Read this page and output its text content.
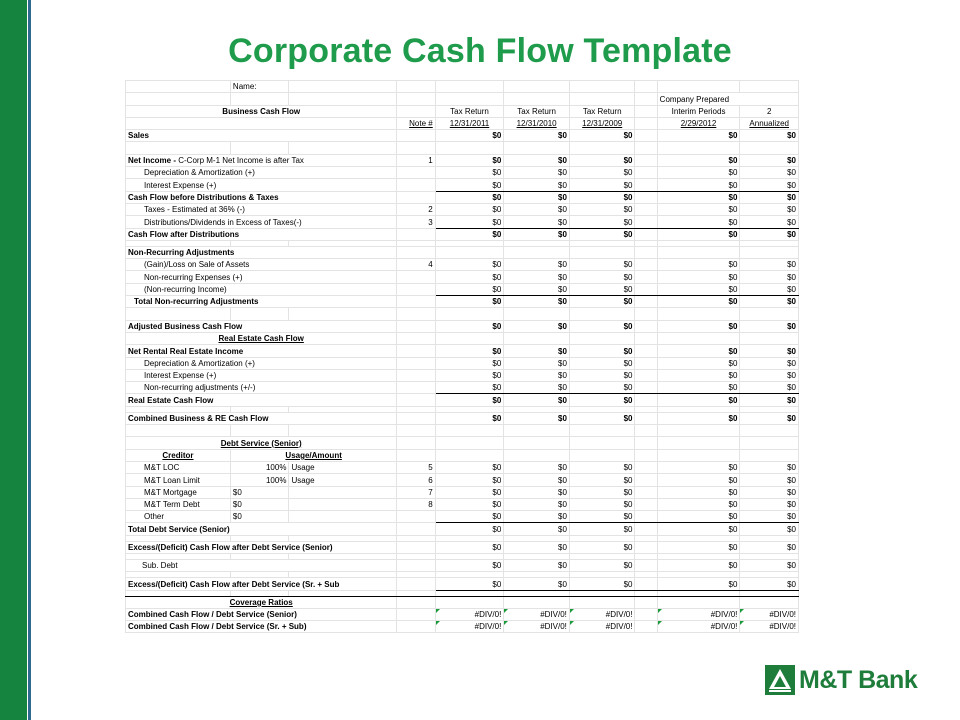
Corporate Cash Flow Template
	Name:								
								Company Prepared	
Business Cash Flow				Tax Return	Tax Return	Tax Return		Interim Periods	2
			Note #	12/31/2011	12/31/2010	12/31/2009		2/29/2012	Annualized
Sales				$0	$0	$0		$0	$0

Net Income - C-Corp M-1 Net Income is after Tax			1	$0	$0	$0		$0	$0
Depreciation & Amortization (+)				$0	$0	$0		$0	$0
Interest Expense (+)				$0	$0	$0		$0	$0
Cash Flow before Distributions & Taxes				$0	$0	$0		$0	$0
Taxes - Estimated at 36% (-)			2	$0	$0	$0		$0	$0
Distributions/Dividends in Excess of Taxes(-)			3	$0	$0	$0		$0	$0
Cash Flow after Distributions				$0	$0	$0		$0	$0

Non-Recurring Adjustments									
(Gain)/Loss on Sale of Assets			4	$0	$0	$0		$0	$0
Non-recurring Expenses (+)				$0	$0	$0		$0	$0
(Non-recurring Income)				$0	$0	$0		$0	$0
Total Non-recurring Adjustments				$0	$0	$0		$0	$0

Adjusted Business Cash Flow				$0	$0	$0		$0	$0
Real Estate Cash Flow									
Net Rental Real Estate Income				$0	$0	$0		$0	$0
Depreciation & Amortization (+)				$0	$0	$0		$0	$0
Interest Expense (+)				$0	$0	$0		$0	$0
Non-recurring adjustments (+/-)				$0	$0	$0		$0	$0
Real Estate Cash Flow				$0	$0	$0		$0	$0

Combined Business & RE Cash Flow				$0	$0	$0		$0	$0

Debt Service (Senior)									
Creditor	Usage/Amount								
M&T LOC	100%	Usage	5	$0	$0	$0		$0	$0
M&T Loan Limit	100%	Usage	6	$0	$0	$0		$0	$0
M&T Mortgage	$0		7	$0	$0	$0		$0	$0
M&T Term Debt	$0		8	$0	$0	$0		$0	$0
Other	$0			$0	$0	$0		$0	$0
Total Debt Service (Senior)				$0	$0	$0		$0	$0

Excess/(Deficit) Cash Flow after Debt Service (Senior)				$0	$0	$0		$0	$0

Sub. Debt				$0	$0	$0		$0	$0

Excess/(Deficit) Cash Flow after Debt Service (Sr. + Sub				$0	$0	$0		$0	$0

Coverage Ratios									
Combined Cash Flow / Debt Service (Senior)				#DIV/0!	#DIV/0!	#DIV/0!		#DIV/0!	#DIV/0!
Combined Cash Flow / Debt Service (Sr. + Sub)				#DIV/0!	#DIV/0!	#DIV/0!		#DIV/0!	#DIV/0!
M&T Bank
